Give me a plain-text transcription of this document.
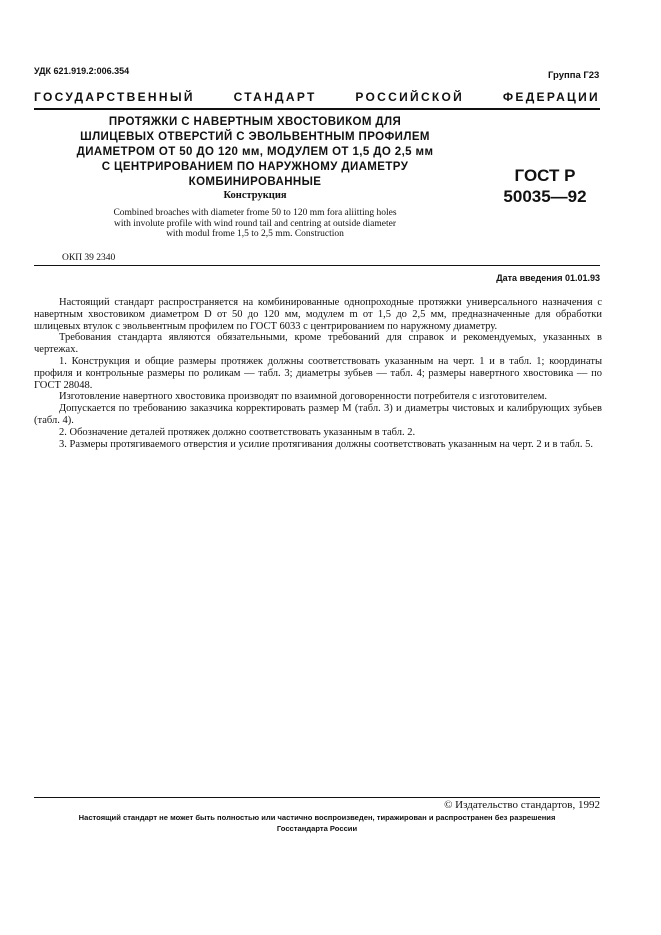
УДК 621.919.2:006.354	Группа Г23
ГОСУДАРСТВЕННЫЙ	СТАНДАРТ	РОССИЙСКОЙ	ФЕДЕРАЦИИ
ПРОТЯЖКИ С НАВЕРТНЫМ ХВОСТОВИКОМ ДЛЯ
ШЛИЦЕВЫХ ОТВЕРСТИЙ С ЭВОЛЬВЕНТНЫМ ПРОФИЛЕМ
ДИАМЕТРОМ ОТ 50 ДО 120 мм, МОДУЛЕМ ОТ 1,5 ДО 2,5 мм
С ЦЕНТРИРОВАНИЕМ ПО НАРУЖНОМУ ДИАМЕТРУ
КОМБИНИРОВАННЫЕ
Конструкция
Combined broaches with diameter frome 50 to 120 mm fora aliitting holes
with involute profile with wind round tail and centring at outside diameter
with modul frome 1,5 to 2,5 mm. Construction
ОКП 39 2340
ГОСТ Р
50035—92
Дата введения 01.01.93

Настоящий стандарт распространяется на комбинированные однопроходные протяжки универсального назначения с навертным хвостовиком диаметром D от 50 до 120 мм, модулем m от 1,5 до 2,5 мм, предназначенные для обработки шлицевых втулок с эвольвентным профилем по ГОСТ 6033 с центрированием по наружному диаметру.

Требования стандарта являются обязательными, кроме требований для справок и рекомендуемых, указанных в чертежах.

1. Конструкция и общие размеры протяжек должны соответствовать указанным на черт. 1 и в табл. 1; координаты профиля и контрольные размеры по роликам — табл. 3; диаметры зубьев — табл. 4; размеры навертного хвостовика — по ГОСТ 28048.

Изготовление навертного хвостовика производят по взаимной договоренности потребителя с изготовителем.

Допускается по требованию заказчика корректировать размер M (табл. 3) и диаметры чистовых и калибрующих зубьев (табл. 4).

2. Обозначение деталей протяжек должно соответствовать указанным в табл. 2.

3. Размеры протягиваемого отверстия и усилие протягивания должны соответствовать указанным на черт. 2 и в табл. 5.

© Издательство стандартов, 1992
Настоящий стандарт не может быть полностью или частично воспроизведен, тиражирован и распространен без разрешения
Госстандарта России
